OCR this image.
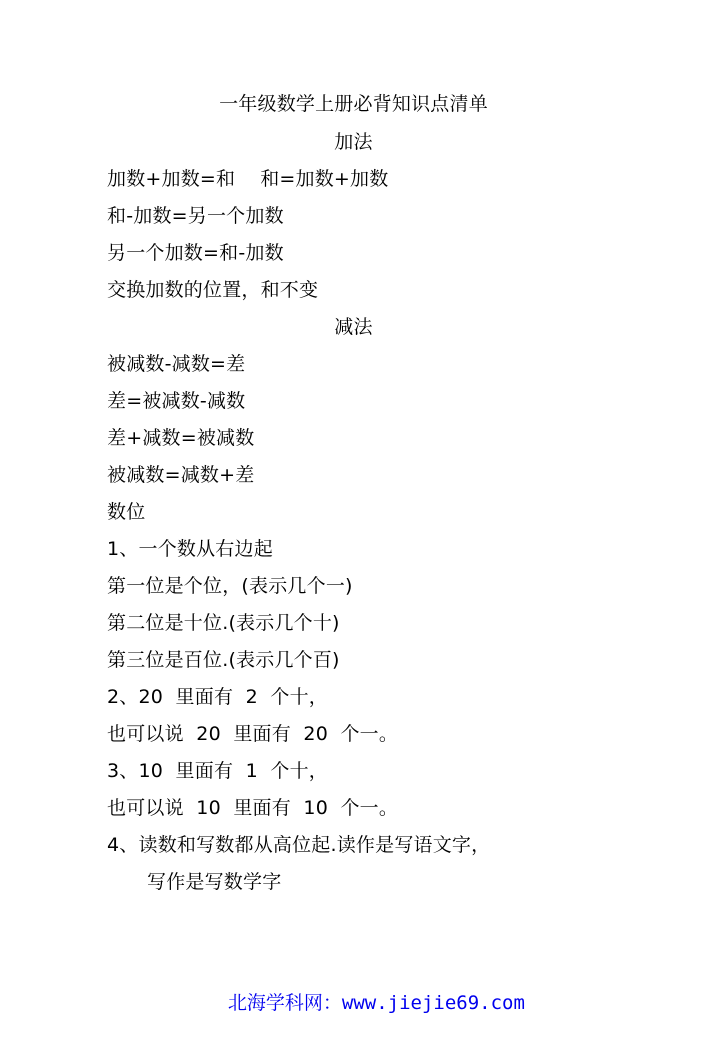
一年级数学上册必背知识点清单
加法
加数+加数=和    和=加数+加数
和-加数=另一个加数
另一个加数=和-加数
交换加数的位置，和不变
减法
被减数-减数=差
差=被减数-减数
差+减数=被减数
被减数=减数+差
数位
1、一个数从右边起
第一位是个位，(表示几个一)
第二位是十位.(表示几个十)
第三位是百位.(表示几个百)
2、20  里面有  2  个十，
也可以说  20  里面有  20  个一。
3、10  里面有  1  个十，
也可以说  10  里面有  10  个一。
4、读数和写数都从高位起.读作是写语文字，
写作是写数学字

北海学科网：www.jiejie69.com
